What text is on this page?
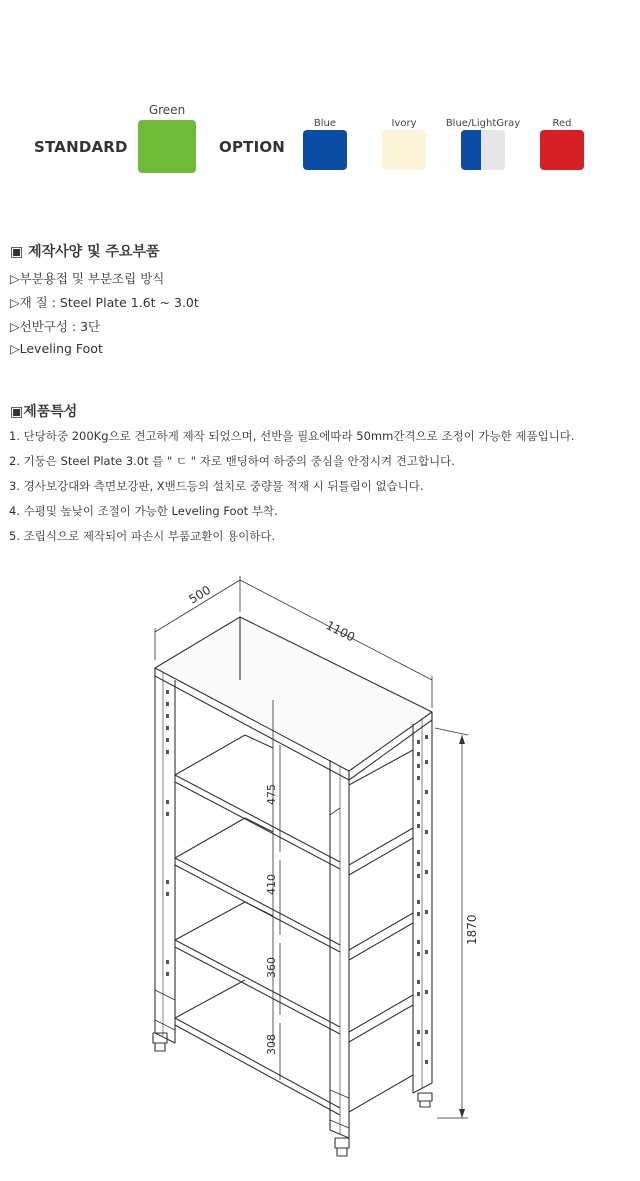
STANDARD
Green
OPTION
Blue	Ivory	Blue/LightGray	Red
▣ 제작사양 및 주요부품
▷부분용접 및 부분조립 방식
▷재 질 : Steel Plate 1.6t ~ 3.0t
▷선반구성 : 3단
▷Leveling Foot
▣제품특성
1. 단당하중 200Kg으로 견고하게 제작 되었으며, 선반을 필요에따라 50mm간격으로 조정이 가능한 제품입니다.
2. 기둥은 Steel Plate 3.0t 를 " ㄷ " 자로 밴딩하여 하중의 중심을 안정시켜 견고합니다.
3. 경사보강대와 측면보강판, X밴드등의 설치로 중량물 적재 시 뒤틀림이 없습니다.
4. 수평및 높낮이 조절이 가능한 Leveling Foot 부착.
5. 조립식으로 제작되어 파손시 부품교환이 용이하다.
500
1100
1870
475
410
360
308
